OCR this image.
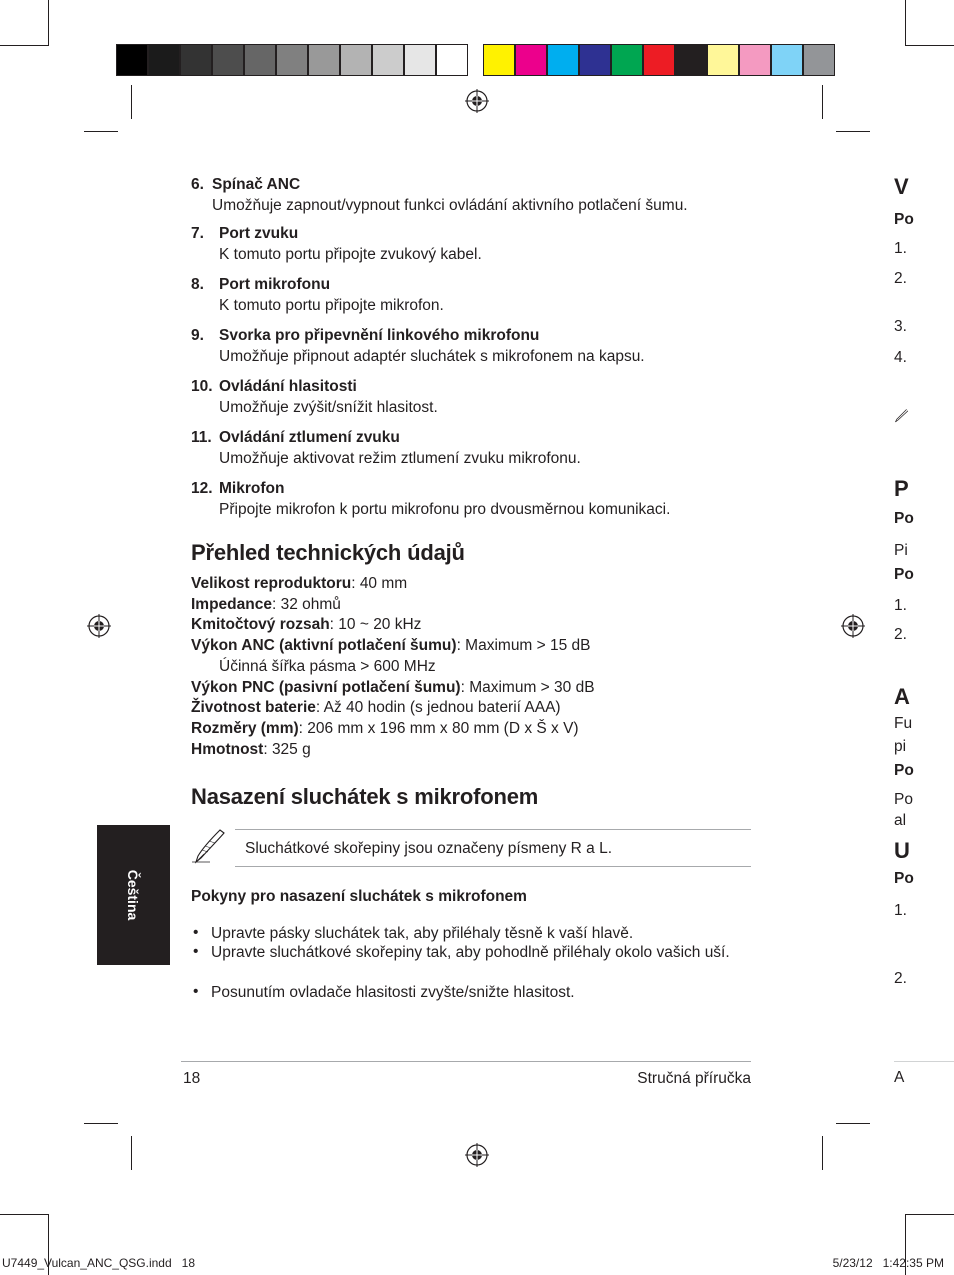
6. Spínač ANC
Umožňuje zapnout/vypnout funkci ovládání aktivního potlačení šumu.
7. Port zvuku
K tomuto portu připojte zvukový kabel.
8. Port mikrofonu
K tomuto portu připojte mikrofon.
9. Svorka pro připevnění linkového mikrofonu
Umožňuje připnout adaptér sluchátek s mikrofonem na kapsu.
10. Ovládání hlasitosti
Umožňuje zvýšit/snížit hlasitost.
11. Ovládání ztlumení zvuku
Umožňuje aktivovat režim ztlumení zvuku mikrofonu.
12. Mikrofon
Připojte mikrofon k portu mikrofonu pro dvousměrnou komunikaci.
Přehled technických údajů
Velikost reproduktoru: 40 mm
Impedance: 32 ohmů
Kmitočtový rozsah: 10 ~ 20 kHz
Výkon ANC (aktivní potlačení šumu): Maximum > 15 dB
Účinná šířka pásma > 600 MHz
Výkon PNC (pasivní potlačení šumu): Maximum > 30 dB
Životnost baterie: Až 40 hodin (s jednou baterií AAA)
Rozměry (mm): 206 mm x 196 mm x 80 mm (D x Š x V)
Hmotnost: 325 g
Nasazení sluchátek s mikrofonem
Sluchátkové skořepiny jsou označeny písmeny R a L.
Pokyny pro nasazení sluchátek s mikrofonem
• Upravte pásky sluchátek tak, aby přiléhaly těsně k vaší hlavě.
• Upravte sluchátkové skořepiny tak, aby pohodlně přiléhaly okolo vašich uší.
• Posunutím ovladače hlasitosti zvyšte/snižte hlasitost.
Čeština
18	Stručná příručka
U7449_Vulcan_ANC_QSG.indd   18	5/23/12   1:42:35 PM
V
P
A
U
Po
1.
2.
3.
4.
Po
Pi
Po
1.
2.
Fu
pi
Po
Po
al
Po
1.
2.
A
